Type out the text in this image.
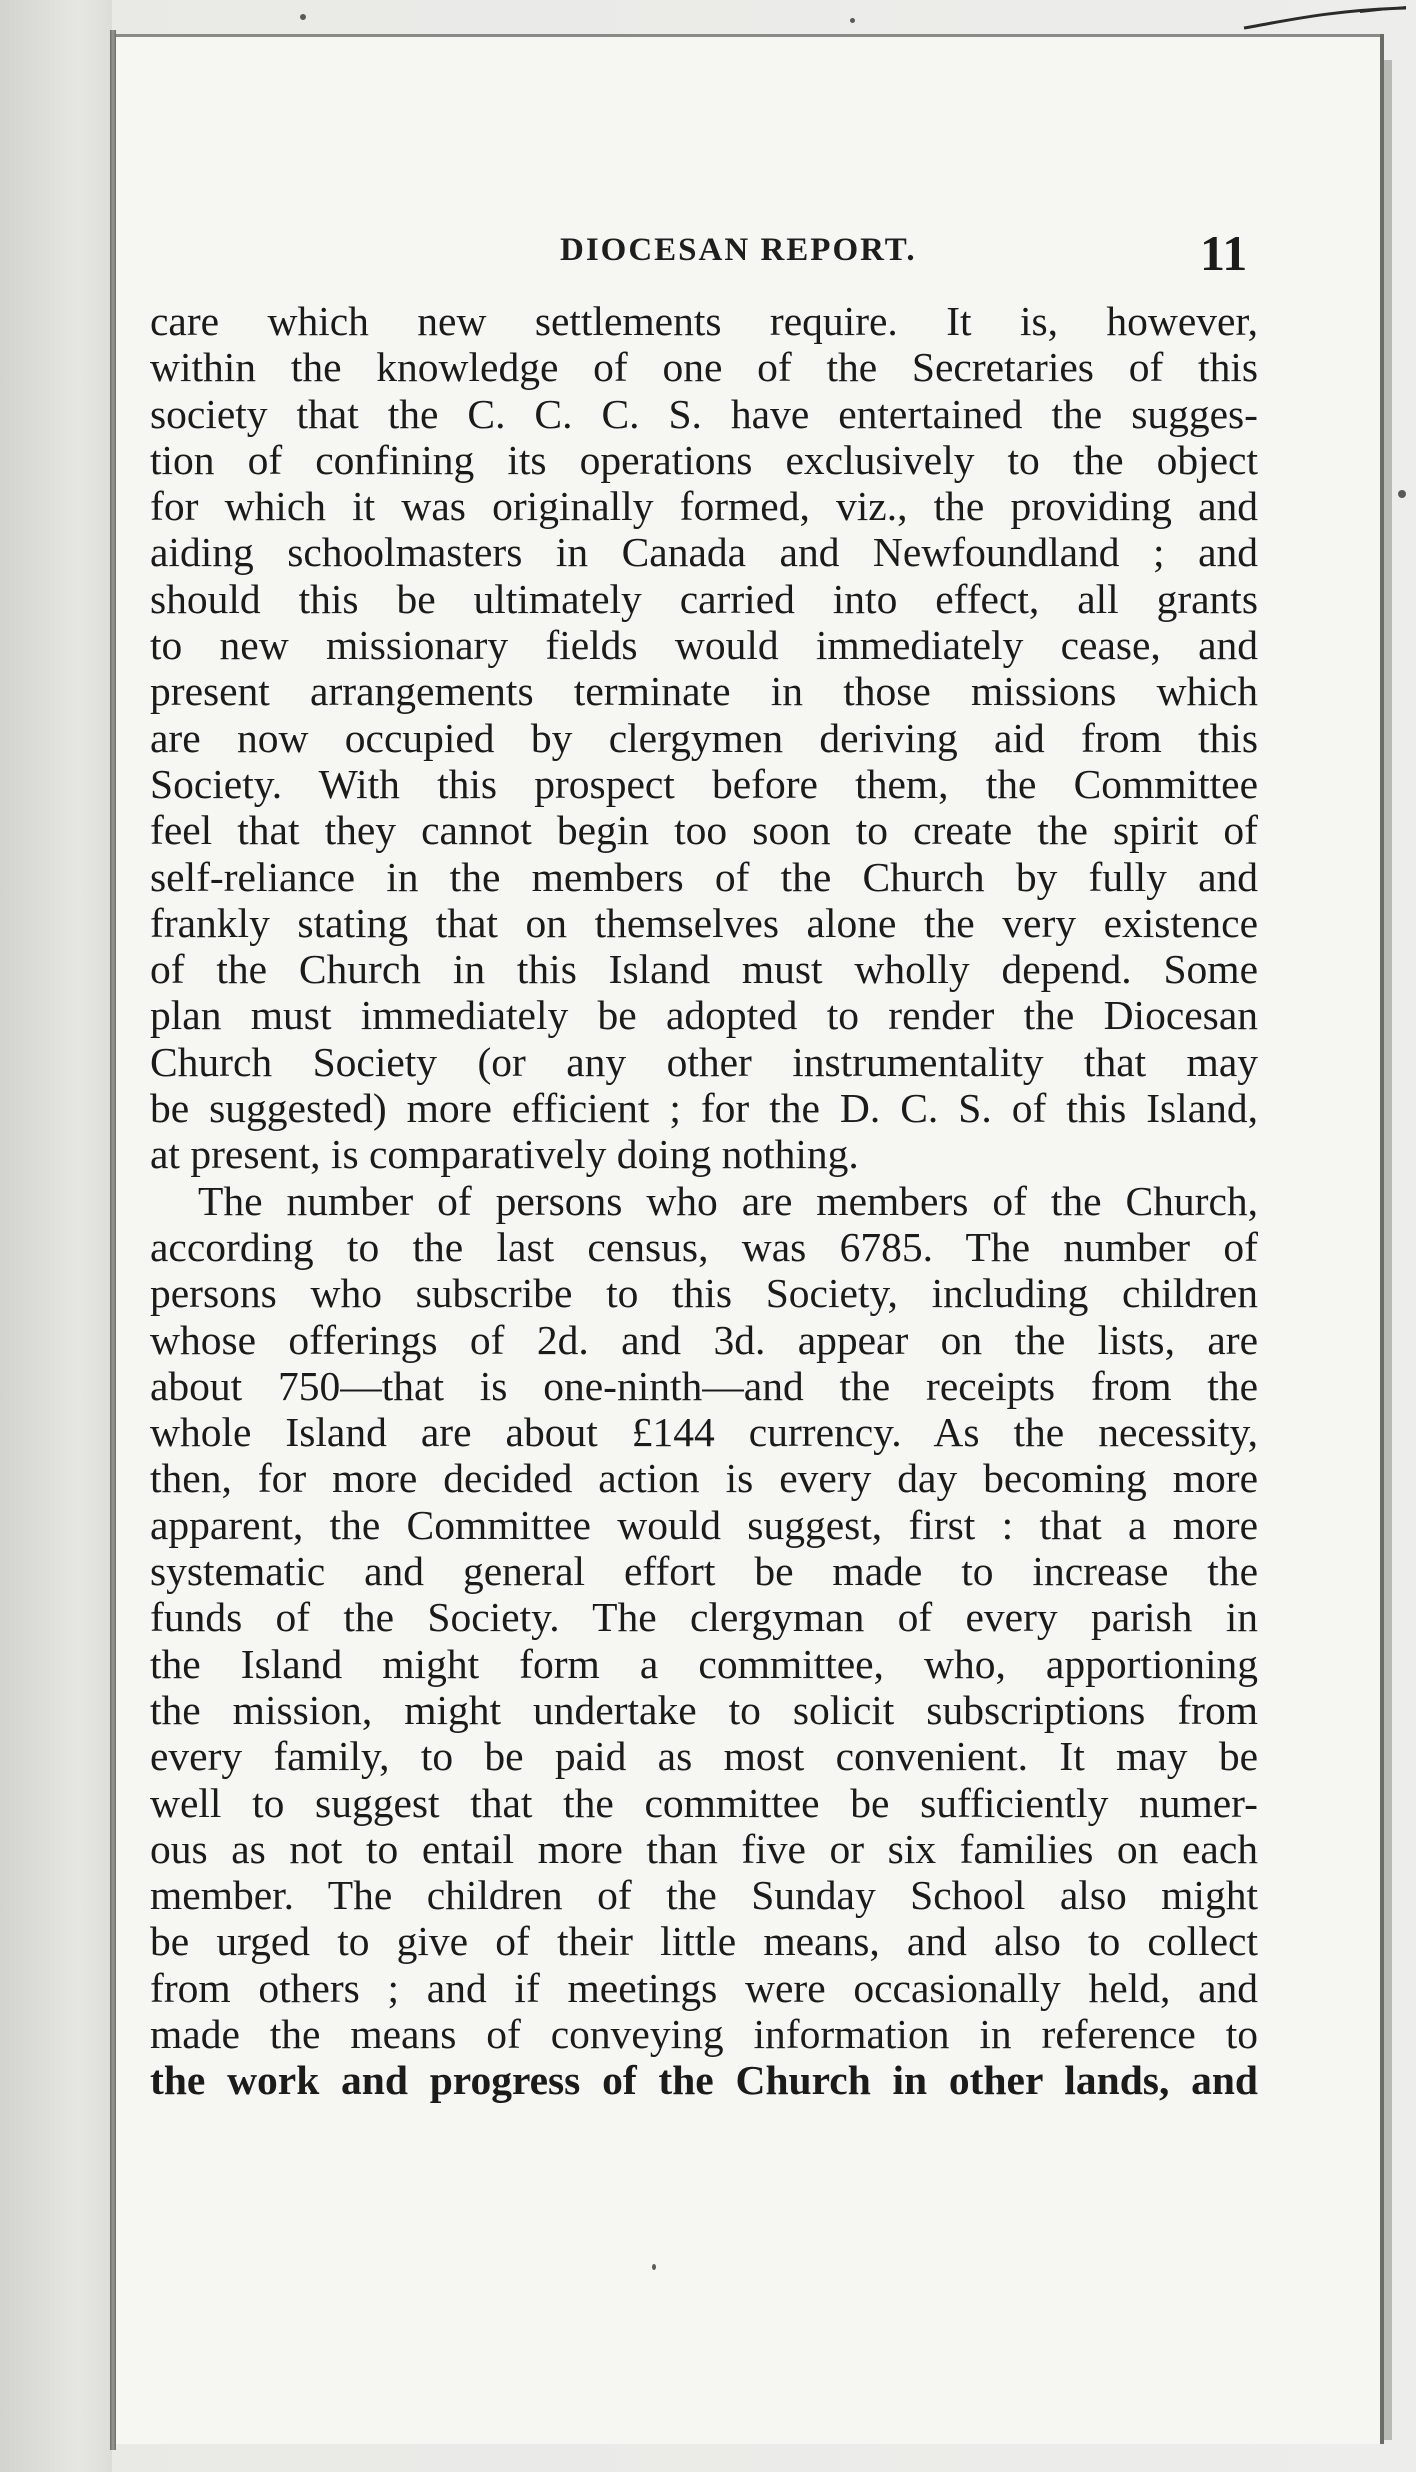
DIOCESAN REPORT.	11
care which new settlements require. It is, however,
within the knowledge of one of the Secretaries of this
society that the C. C. C. S. have entertained the sugges-
tion of confining its operations exclusively to the object
for which it was originally formed, viz., the providing and
aiding schoolmasters in Canada and Newfoundland ; and
should this be ultimately carried into effect, all grants
to new missionary fields would immediately cease, and
present arrangements terminate in those missions which
are now occupied by clergymen deriving aid from this
Society. With this prospect before them, the Committee
feel that they cannot begin too soon to create the spirit of
self-reliance in the members of the Church by fully and
frankly stating that on themselves alone the very existence
of the Church in this Island must wholly depend. Some
plan must immediately be adopted to render the Diocesan
Church Society (or any other instrumentality that may
be suggested) more efficient ; for the D. C. S. of this Island,
at present, is comparatively doing nothing.
The number of persons who are members of the Church,
according to the last census, was 6785. The number of
persons who subscribe to this Society, including children
whose offerings of 2d. and 3d. appear on the lists, are
about 750—that is one-ninth—and the receipts from the
whole Island are about £144 currency. As the necessity,
then, for more decided action is every day becoming more
apparent, the Committee would suggest, first : that a more
systematic and general effort be made to increase the
funds of the Society. The clergyman of every parish in
the Island might form a committee, who, apportioning
the mission, might undertake to solicit subscriptions from
every family, to be paid as most convenient. It may be
well to suggest that the committee be sufficiently numer-
ous as not to entail more than five or six families on each
member. The children of the Sunday School also might
be urged to give of their little means, and also to collect
from others ; and if meetings were occasionally held, and
made the means of conveying information in reference to
the work and progress of the Church in other lands, and
